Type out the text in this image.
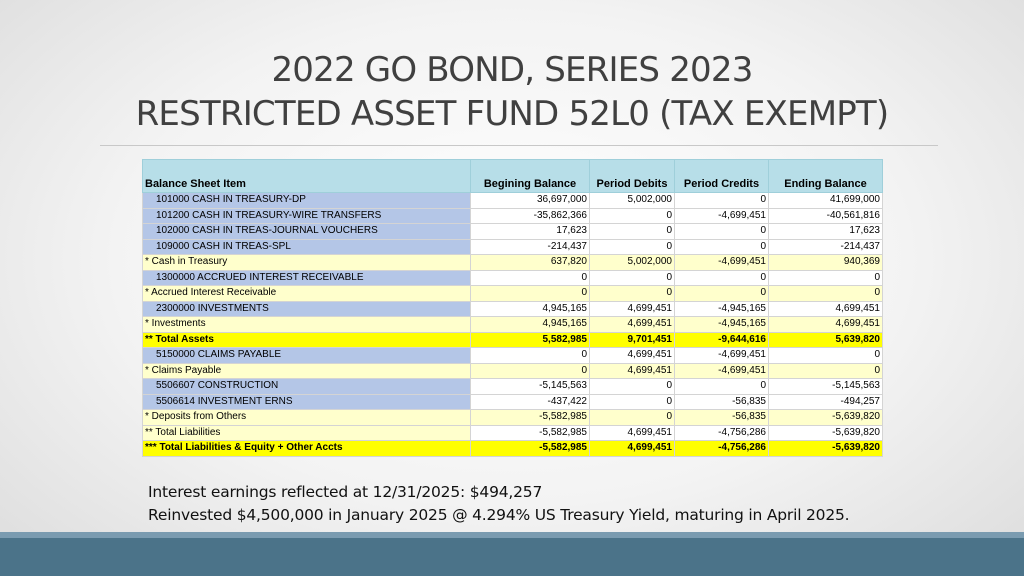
2022 GO BOND, SERIES 2023
RESTRICTED ASSET FUND 52L0 (TAX EXEMPT)
Balance Sheet Item	Begining Balance	Period Debits	Period Credits	Ending Balance
101000 CASH IN TREASURY-DP	36,697,000	5,002,000	0	41,699,000
101200 CASH IN TREASURY-WIRE TRANSFERS	-35,862,366	0	-4,699,451	-40,561,816
102000 CASH IN TREAS-JOURNAL VOUCHERS	17,623	0	0	17,623
109000 CASH IN TREAS-SPL	-214,437	0	0	-214,437
* Cash in Treasury	637,820	5,002,000	-4,699,451	940,369
1300000 ACCRUED INTEREST RECEIVABLE	0	0	0	0
* Accrued Interest Receivable	0	0	0	0
2300000 INVESTMENTS	4,945,165	4,699,451	-4,945,165	4,699,451
* Investments	4,945,165	4,699,451	-4,945,165	4,699,451
** Total Assets	5,582,985	9,701,451	-9,644,616	5,639,820
5150000 CLAIMS PAYABLE	0	4,699,451	-4,699,451	0
* Claims Payable	0	4,699,451	-4,699,451	0
5506607 CONSTRUCTION	-5,145,563	0	0	-5,145,563
5506614 INVESTMENT ERNS	-437,422	0	-56,835	-494,257
* Deposits from Others	-5,582,985	0	-56,835	-5,639,820
** Total Liabilities	-5,582,985	4,699,451	-4,756,286	-5,639,820
*** Total Liabilities & Equity + Other Accts	-5,582,985	4,699,451	-4,756,286	-5,639,820
Interest earnings reflected at 12/31/2025: $494,257
Reinvested $4,500,000 in January 2025 @ 4.294% US Treasury Yield, maturing in April 2025.
